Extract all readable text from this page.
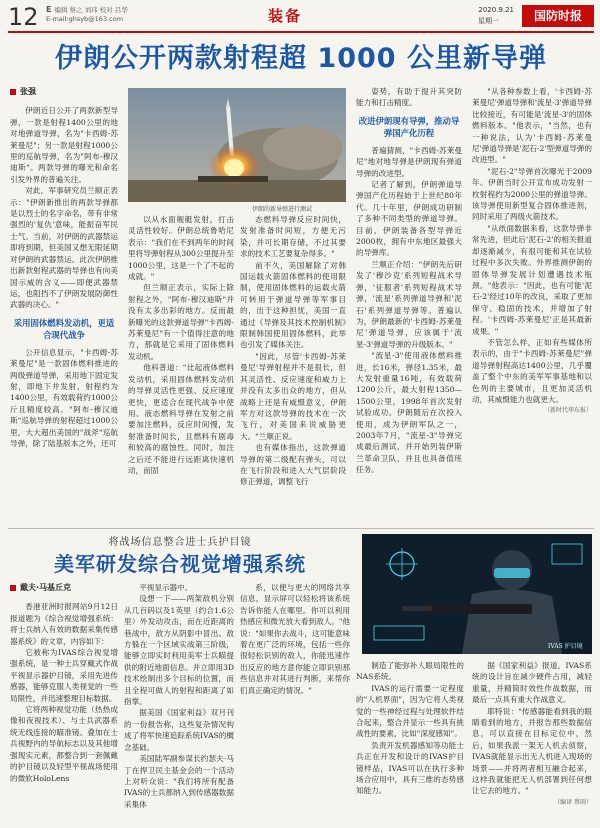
12 E 编辑 蔡之 刘玮 校对 吕华
E-mail:ghsyb@163.com	装备	2020.9.21
星期一	国防时报
伊朗公开两款射程超 1000 公里新导弹
张强

伊朗近日公开了两款新型导弹，一款是射程1400公里的地对地弹道导弹，名为"卡西姆-苏莱曼尼"；另一款是射程1000公里的巡航导弹，名为"阿布-穆汉迪斯"。两款导弹的曝光和命名引发外界的普遍关注。

对此，军事研究员兰顺正表示："伊朗新推出的两款导弹都是以烈士的名字命名，带有非常强烈的'复仇'意味，能振奋军民士气。当前，对伊朗的武器禁运即将到期，但美国又想无限延期对伊朗的武器禁运。此次伊朗推出新款射程武器的导弹也有向美国示威的含义——即便武器禁运，也阻挡不了伊朗发展防御性武器的决心。"

采用固体燃料发动机，更适合现代战争

公开信息显示，"卡西姆-苏莱曼尼"是一款固体燃料推进的两级弹道导弹，采用地下固定发射，即地下井发射，射程约为1400公里，有效载荷约1000公斤且精度较高。"阿布-穆汉迪斯"巡航导弹的射程超过1000公里，大大超出美国的"战斧"巡航导弹，除了陆基版本之外，还可

伊朗的新导弹进行测试

以从水面舰艇发射，打击灵活性较好。伊朗总统鲁哈尼表示："我们在不到两年的时间里将导弹射程从300公里提升至1000公里，这是一个了不起的成就。"

但兰顺正表示，实际上除射程之外，"阿布-穆汉迪斯"并没有太多出彩的地方。反而最新曝光的这款弹道导弹"卡西姆-苏莱曼尼"有一个值得注意的地方，那就是它采用了固体燃料发动机。

他科普道："比起液体燃料发动机，采用固体燃料发动机的导弹灵活性更强、反应速度更快，更适合在现代战争中使用。液态燃料导弹在发射之前要加注燃料，反应时间慢，发射准备时间长，且燃料有剧毒和较高的腐蚀性。同时，加注之后还不能进行远距离快速机动，而固

态燃料导弹反应时间快，发射准备时间短，方便无污染，并可长期存储，不过其要求的技术工艺要复杂得多。"

前不久，美国解除了对韩国运载火箭固体燃料的使用限制，使用固体燃料的运载火箭可转用于弹道导弹等军事目的，出于这种担忧，美国一直通过《导弹及其技术控制机制》限制韩国使用固体燃料，此举也引发了媒体关注。

"因此，尽管'卡西姆-苏莱曼尼'导弹射程并不是很长，但其灵活性、反应速度和威力上并没有太多出众的地方，但从战略上还是有威慑意义，伊朗军方对这款导弹的技术在一次飞行，对美国来说威胁更大。"兰顺正说。

也有媒体指出，这款弹道导弹的第二级配有弹头，可以在飞行阶段和进入大气层阶段修正弹道，调整飞行

姿势，有助于提升其突防能力和打击精度。

改进伊朗现有导弹，推动导弹国产化历程

普遍猜测，"卡西姆-苏莱曼尼"地对地导弹是伊朗现有弹道导弹的改进型。

记者了解到，伊朗弹道导弹国产化历程始于上世纪80年代。几十年里，伊朗成功研制了多种不同类型的弹道导弹。目前，伊朗装备各型导弹近2000枚，拥有中东地区最强大的导弹库。

兰顺正介绍："伊朗先后研发了'穆沙克'系列短程战术导弹，'征服者'系列短程战术导弹，'流星'系列弹道导弹和'泥石'系列弹道导弹等。普遍认为，伊朗最新的'卡西姆-苏莱曼尼'弹道导弹，应该属于'流星-3'弹道导弹的升级版本。"

"流星-3"使用液体燃料推进，长16米，弹径1.35米，最大发射重量16吨，有效载荷1200公斤，最大射程1350—1500公里，1998年首次发射试验成功。伊朗随后在次投入使用，成为伊朗军队之一，2003年7月，"流星-3"导弹完成最后测试，并开始列装伊斯兰革命卫队，并且也具备值班任务。

"从各种参数上看，'卡西姆-苏莱曼尼'弹道导弹和'流星-3'弹道导弹比较接近，有可能是'流星-3'的固体燃料版本。"他表示，"当然，也有一种说法，认为'卡西姆-苏莱曼尼'弹道导弹是'泥石-2'型弹道导弹的改进型。"

"泥石-2"导弹首次曝光于2009年。伊朗当时公开宣布成功发射一枚射程约为2000公里的弹道导弹。该导弹使用新型复合固体推进剂，同时采用了两级火箭技术。

"从纸面数据来看，这款导弹非常先进，但此后'泥石-2'的相关报道却逐渐减少，有很可能和其在试验过程中多次失败。外界推测伊朗的固体导弹发展计划遭遇技术瓶颈。"他表示："因此，也有可能'泥石-2'经过10年的改良，采取了更加保守、稳固的技术，并增加了射程。'卡西姆-苏莱曼尼'正是其最新成果。"

不管怎么样，正如有些媒体所表示的，由于"卡西姆-苏莱曼尼"弹道导弹射程高达1400公里，几乎覆盖了整个中东的美军军事基地和以色列的主要城市，且更加灵活机动，其威慑能力也就更大。

（新时代华东报）

将战场信息整合进士兵护目镜
美军研发综合视觉增强系统
IVAS 护目镜
戴夫·马基丘克

香港亚洲时报网站9月12日报道题为《综合视觉增强系统：将士兵纳入有效的数据采集传感器系统》的文章，内容如下：

它被称为IVAS综合视觉增强系统，是一种士兵穿戴式作战平视显示器护目镜，采用先进传感器，能够克服人类视觉的一些局限性，并迅速整理目标数据。

它将两种视觉功能（热热成像和夜视技术）、与士兵武器系统无线连接的瞄准镜、叠加在士兵视野内的导航标志以及其他增强现实元素，都整合到一套佩戴的护目镜以及轻型平视战场使用的微软HoloLens

平视显示器中。

设想一下——两架敌机分别从几百码以及1英里（约合1.6公里）外发动攻击，而在近距离的巷战中，敌方从阴影中冒出。敌方躲在一个区域实战第三阶级，能够立即实时利用美军士兵瞄提供的附近地面信息。并立即用3D技术绘制出多个目标的位置，而且全程可做人的射程和距离了如指掌。

据美国《国家利益》双月刊的一份报告称，这些复杂情况构成了将军快速追踪系统IVAS的概念基础。

美国陆军副参谋长约瑟夫·马丁在捍卫民主基金会的一个活动上对听众说："我们将所有配备IVAS的士兵都纳入到传感器数据采集体

系，以便与更大的网络共享信息，显示屏可以轻松将该系统告诉你能人在哪里。你可以利用热感应和微光放大看到敌人。"他说："如果你去战斗，这可能意味着在更广泛的环境，包括一些你很轻松识别的敌人，你能迅速作出反应的地方意你能立即识别那些信息并对其进行判断，来帮你们真正确定的情况。"

制造了能弥补人眼局限性的NAS系统。

IVAS的运行需要一定程度的"人机界面"，因为它将人类视觉的一些神经过程与处理软件结合起来，整合并显示一些具有挑战性的要素，比如"深度感知"。

负责开发机器感知等功能士兵正在开发和设计的IVAS护目镜样品，IVAS可以在执行多种场合应用中，具有三维的态势感知能力。

据《国家利益》报道，IVAS系统的设计旨在减少硬件占用，减轻重量，并精简时效性作战数据，而最后一点具有重大作战意义。

耶特说："传感器能看到我的眼睛看到的地方，并报告那些数据信息，可以直接在目标定位中，然后，如果我派一架无人机去侦察，IVAS就能显示出无人机进入现场的场景——并将两者相互融合起来，这样我就能把无人机部署到任何想让它去的地方。"

（编译 蔡雨）
